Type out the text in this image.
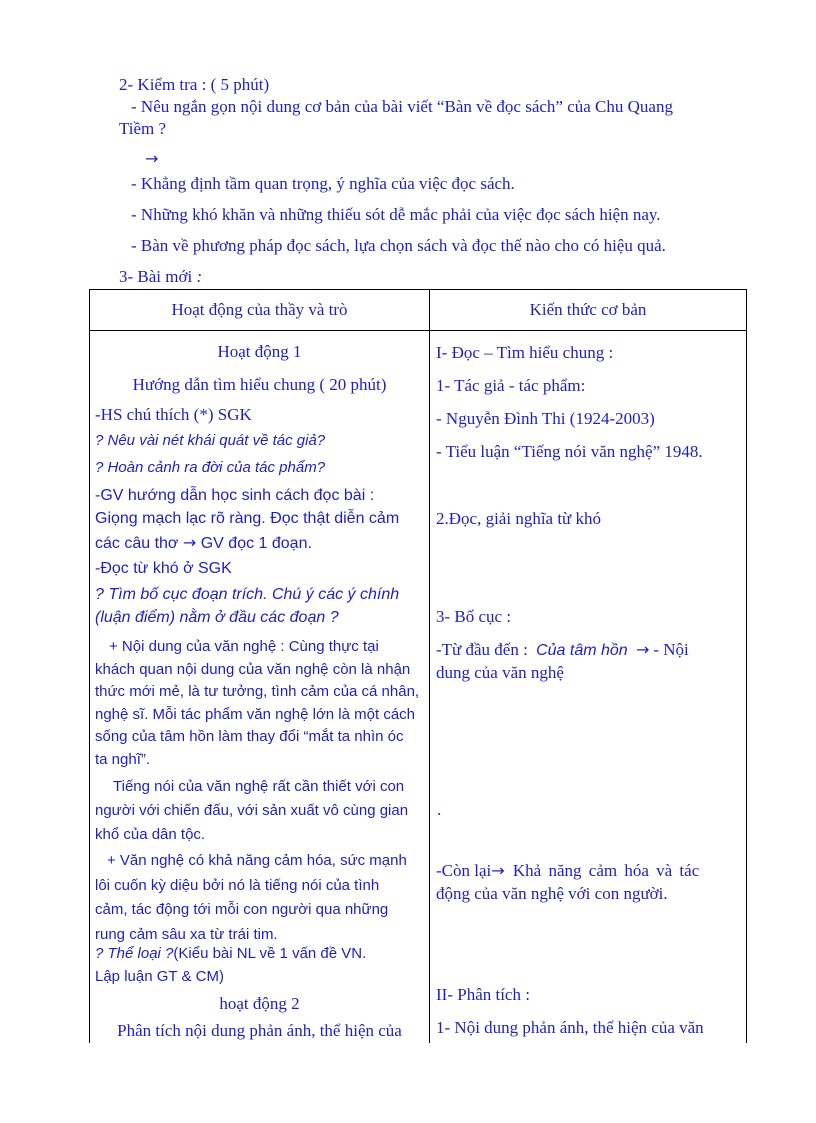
2- Kiểm tra : ( 5 phút)
- Nêu ngắn gọn nội dung cơ bản của bài viết “Bàn về đọc sách” của Chu Quang
Tiềm ?
→
- Khẳng định tầm quan trọng, ý nghĩa của việc đọc sách.
- Những khó khăn và những thiếu sót dễ mắc phải của việc đọc sách hiện nay.
- Bàn về phương pháp đọc sách, lựa chọn sách và đọc thế nào cho có hiệu quả.
3- Bài mới :
Hoạt động của thầy và trò	Kiến thức cơ bản
Hoạt động 1
Hướng dẫn tìm hiểu chung ( 20 phút)
-HS chú thích (*) SGK
? Nêu vài nét khái quát về tác giả?
? Hoàn cảnh ra đời của tác phẩm?
-GV hướng dẫn học sinh cách đọc bài :
Giọng mạch lạc rõ ràng. Đọc thật diễn cảm
các câu thơ → GV đọc 1 đoạn.
-Đọc từ khó ở SGK
? Tìm bố cục đoạn trích. Chú ý các ý chính
(luận điểm) nằm ở đầu các đoạn ?
+ Nội dung của văn nghệ : Cùng thực tại
khách quan nội dung của văn nghệ còn là nhận
thức mới mẻ, là tư tưởng, tình cảm của cá nhân,
nghệ sĩ. Mỗi tác phẩm văn nghệ lớn là một cách
sống của tâm hồn làm thay đổi “mắt ta nhìn óc
ta nghĩ”.
Tiếng nói của văn nghệ rất cần thiết với con
người với chiến đấu, với sản xuất vô cùng gian
khổ của dân tộc.
+ Văn nghệ có khả năng cảm hóa, sức mạnh
lôi cuốn kỳ diệu bởi nó là tiếng nói của tình
cảm, tác động tới mỗi con người qua những
rung cảm sâu xa từ trái tim.
? Thể loại ?(Kiểu bài NL về 1 vấn đề VN.
Lập luận GT & CM)
hoạt động 2
Phân tích nội dung phản ánh, thể hiện của
I- Đọc – Tìm hiểu chung :
1- Tác giả - tác phẩm:
- Nguyễn Đình Thi (1924-2003)
- Tiểu luận “Tiếng nói văn nghệ” 1948.
2.Đọc, giải nghĩa từ khó
3- Bố cục :
-Từ đầu đến : Của tâm hồn → - Nội
dung của văn nghệ
.
-Còn lại→ Khả năng cảm hóa và tác
động của văn nghệ với con người.
II- Phân tích :
1- Nội dung phản ánh, thể hiện của văn
